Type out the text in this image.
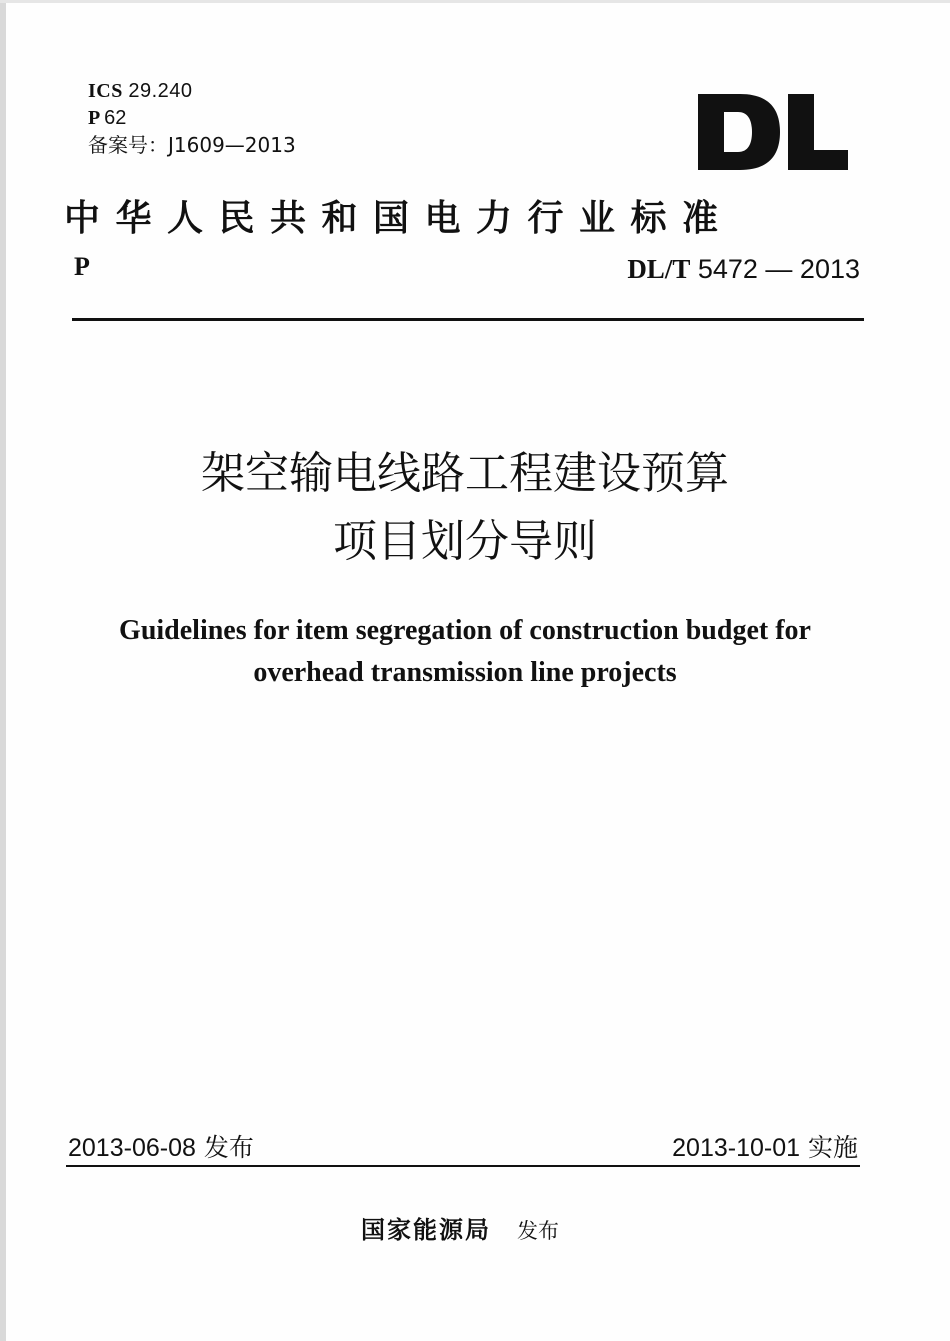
ICS 29.240
P 62
备案号：J1609—2013
中华人民共和国电力行业标准
P	DL/T 5472 — 2013
架空输电线路工程建设预算
项目划分导则
Guidelines for item segregation of construction budget for
overhead transmission line projects
2013-06-08 发布	2013-10-01 实施
国家能源局 发布
